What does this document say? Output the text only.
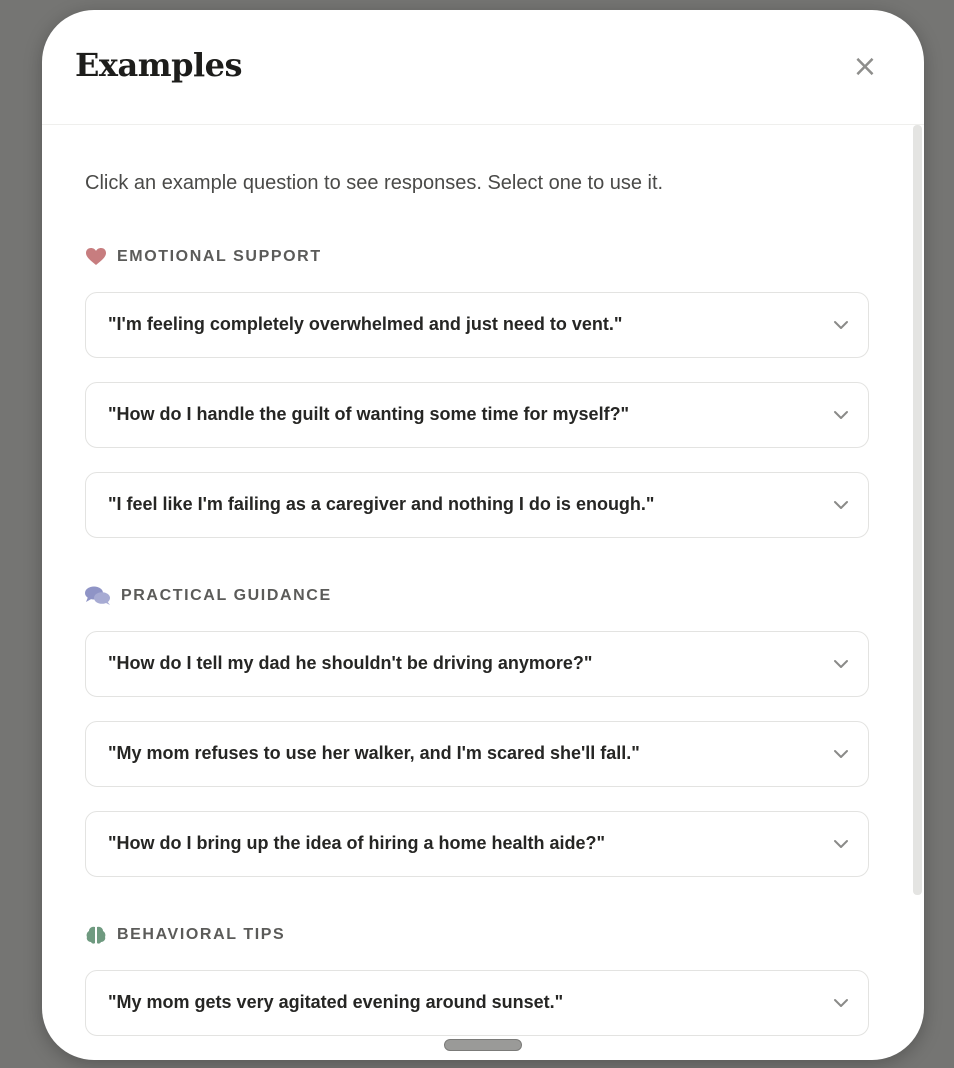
Examples	×

Click an example question to see responses. Select one to use it.

EMOTIONAL SUPPORT
"I'm feeling completely overwhelmed and just need to vent."
"How do I handle the guilt of wanting some time for myself?"
"I feel like I'm failing as a caregiver and nothing I do is enough."
PRACTICAL GUIDANCE
"How do I tell my dad he shouldn't be driving anymore?"
"My mom refuses to use her walker, and I'm scared she'll fall."
"How do I bring up the idea of hiring a home health aide?"
BEHAVIORAL TIPS
"My mom gets very agitated evening around sunset."
